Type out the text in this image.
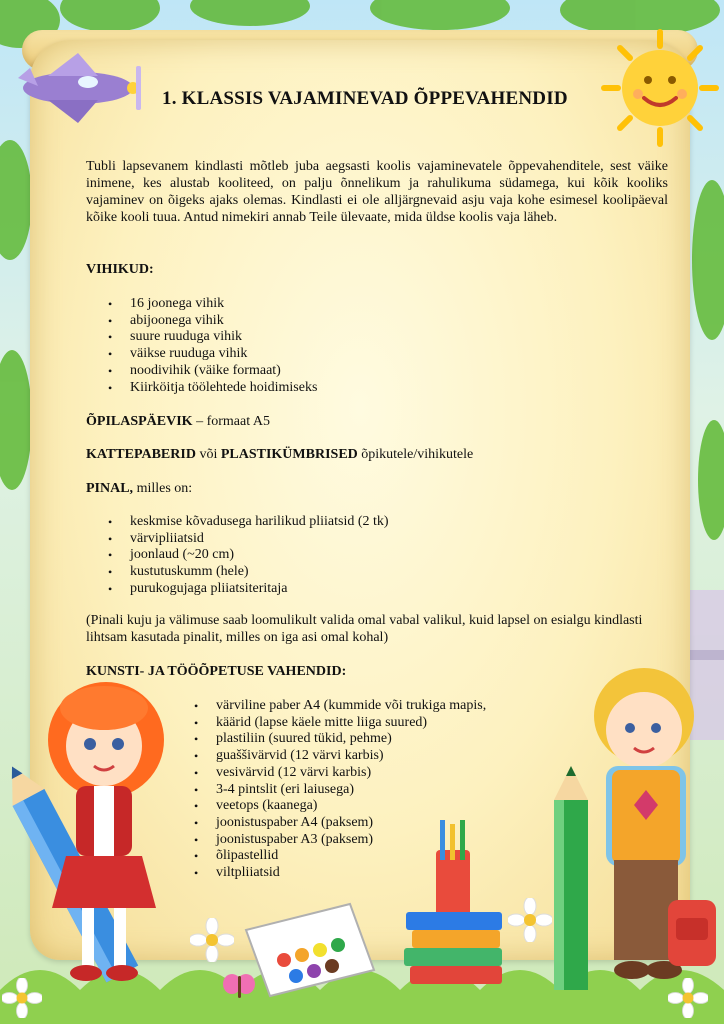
1. KLASSIS VAJAMINEVAD ÕPPEVAHENDID
Tubli lapsevanem kindlasti mõtleb juba aegsasti koolis vajaminevatele õppevahenditele, sest väike inimene, kes alustab kooliteed, on palju õnnelikum ja rahulikuma südamega, kui kõik kooliks vajaminev on õigeks ajaks olemas. Kindlasti ei ole alljärgnevaid asju vaja kohe esimesel koolipäeval kõike kooli tuua. Antud nimekiri annab Teile ülevaate, mida üldse koolis vaja läheb.
VIHIKUD:
• 16 joonega vihik
• abijoonega vihik
• suure ruuduga vihik
• väikse ruuduga vihik
• noodivihik (väike formaat)
• Kiirköitja töölehtede hoidimiseks
ÕPILASPÄEVIK – formaat A5
KATTEPABERID või PLASTIKÜMBRISED õpikutele/vihikutele
PINAL, milles on:
• keskmise kõvadusega harilikud pliiatsid (2 tk)
• värvipliiatsid
• joonlaud (~20 cm)
• kustutuskumm (hele)
• purukogujaga pliiatsiteritaja
(Pinali kuju ja välimuse saab loomulikult valida omal vabal valikul, kuid lapsel on esialgu kindlasti lihtsam kasutada pinalit, milles on iga asi omal kohal)
KUNSTI- JA TÖÖÕPETUSE VAHENDID:
• värviline paber A4 (kummide või trukiga mapis,
• käärid (lapse käele mitte liiga suured)
• plastiliin (suured tükid, pehme)
• guaššivärvid (12 värvi karbis)
• vesivärvid (12 värvi karbis)
• 3-4 pintslit (eri laiusega)
• veetops (kaanega)
• joonistuspaber A4 (paksem)
• joonistuspaber A3 (paksem)
• õlipastellid
• viltpliiatsid
